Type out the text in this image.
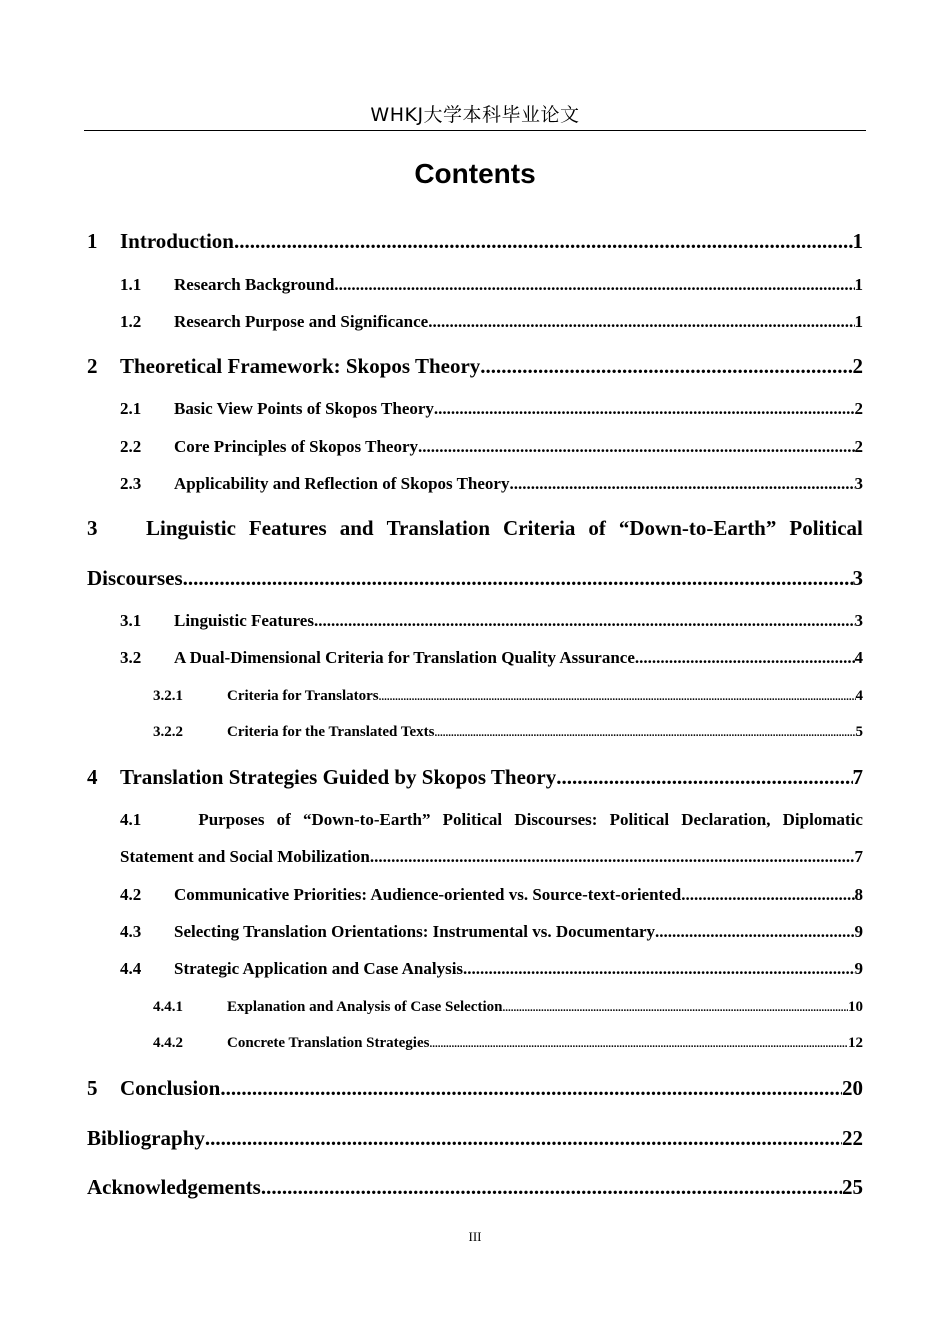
WHKJ大学本科毕业论文
Contents
1	Introduction .....	1
1.1	Research Background .....	1
1.2	Research Purpose and Significance .....	1
2	Theoretical Framework: Skopos Theory .....	2
2.1	Basic View Points of Skopos Theory .....	2
2.2	Core Principles of Skopos Theory .....	2
2.3	Applicability and Reflection of Skopos Theory .....	3
3	Linguistic Features and Translation Criteria of “Down-to-Earth” Political
Discourses .....	3
3.1	Linguistic Features .....	3
3.2	A Dual-Dimensional Criteria for Translation Quality Assurance .....	4
3.2.1	Criteria for Translators .....	4
3.2.2	Criteria for the Translated Texts .....	5
4	Translation Strategies Guided by Skopos Theory .....	7
4.1	Purposes of “Down-to-Earth” Political Discourses: Political Declaration, Diplomatic
Statement and Social Mobilization .....	7
4.2	Communicative Priorities: Audience-oriented vs. Source-text-oriented .....	8
4.3	Selecting Translation Orientations: Instrumental vs. Documentary .....	9
4.4	Strategic Application and Case Analysis .....	9
4.4.1	Explanation and Analysis of Case Selection .....	10
4.4.2	Concrete Translation Strategies .....	12
5	Conclusion .....	20
Bibliography .....	22
Acknowledgements .....	25
III
